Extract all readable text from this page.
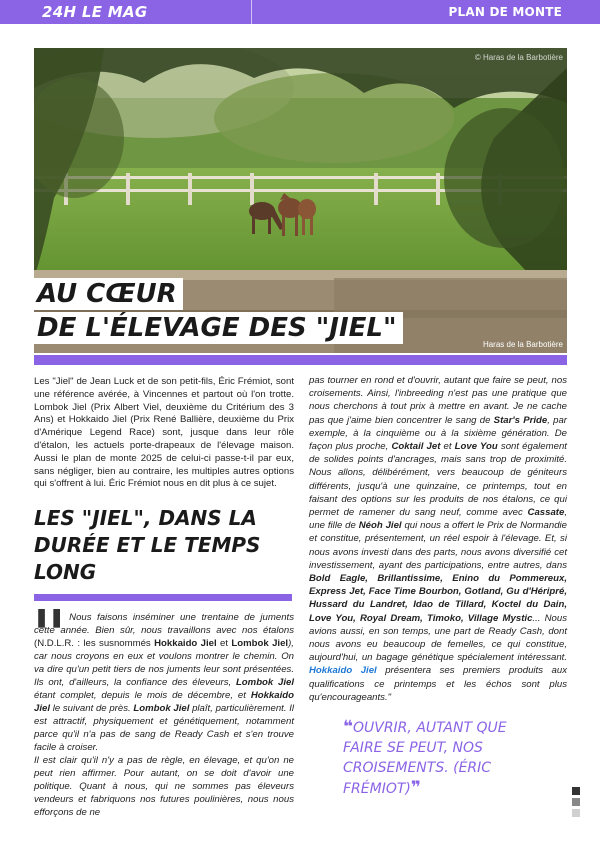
24H LE MAG	PLAN DE MONTE
© Haras de la Barbotière
Haras de la Barbotière
AU CŒUR
DE L'ÉLEVAGE DES "JIEL"

Les "Jiel" de Jean Luck et de son petit-fils, Éric Frémiot, sont une référence avérée, à Vincennes et partout où l'on trotte. Lombok Jiel (Prix Albert Viel, deuxième du Critérium des 3 Ans) et Hokkaido Jiel (Prix René Ballière, deuxième du Prix d'Amérique Legend Race) sont, jusque dans leur rôle d'étalon, les actuels porte-drapeaux de l'élevage maison. Aussi le plan de monte 2025 de celui-ci passe-t-il par eux, sans négliger, bien au contraire, les multiples autres options qui s'offrent à lui. Éric Frémiot nous en dit plus à ce sujet.

LES "JIEL", DANS LA DURÉE ET LE TEMPS LONG

❚❚ Nous faisons inséminer une trentaine de juments cette année. Bien sûr, nous travaillons avec nos étalons (N.D.L.R. : les susnommés Hokkaido Jiel et Lombok Jiel), car nous croyons en eux et voulons montrer le chemin. On va dire qu'un petit tiers de nos juments leur sont présentées. Ils ont, d'ailleurs, la confiance des éleveurs, Lombok Jiel étant complet, depuis le mois de décembre, et Hokkaido Jiel le suivant de près. Lombok Jiel plaît, particulièrement. Il est attractif, physiquement et génétiquement, notamment parce qu'il n'a pas de sang de Ready Cash et s'en trouve facile à croiser.

Il est clair qu'il n'y a pas de règle, en élevage, et qu'on ne peut rien affirmer. Pour autant, on se doit d'avoir une politique. Quant à nous, qui ne sommes pas éleveurs vendeurs et fabriquons nos futures poulinières, nous nous efforçons de ne

pas tourner en rond et d'ouvrir, autant que faire se peut, nos croisements. Ainsi, l'inbreeding n'est pas une pratique que nous cherchons à tout prix à mettre en avant. Je ne cache pas que j'aime bien concentrer le sang de Star's Pride, par exemple, à la cinquième ou à la sixième génération. De façon plus proche, Coktail Jet et Love You sont également de solides points d'ancrages, mais sans trop de proximité. Nous allons, délibérément, vers beaucoup de géniteurs différents, jusqu'à une quinzaine, ce printemps, tout en faisant des options sur les produits de nos étalons, ce qui permet de ramener du sang neuf, comme avec Cassate, une fille de Néoh Jiel qui nous a offert le Prix de Normandie et constitue, présentement, un réel espoir à l'élevage. Et, si nous avons investi dans des parts, nous avons diversifié cet investissement, ayant des participations, entre autres, dans Bold Eagle, Brillantissime, Enino du Pommereux, Express Jet, Face Time Bourbon, Gotland, Gu d'Héripré, Hussard du Landret, Idao de Tillard, Koctel du Dain, Love You, Royal Dream, Timoko, Village Mystic... Nous avions aussi, en son temps, une part de Ready Cash, dont nous avons eu beaucoup de femelles, ce qui constitue, aujourd'hui, un bagage génétique spécialement intéressant. Hokkaido Jiel présentera ses premiers produits aux qualifications ce printemps et les échos sont plus qu'encourageants."

❝OUVRIR, AUTANT QUE FAIRE SE PEUT, NOS CROISEMENTS. (ÉRIC FRÉMIOT)❞
